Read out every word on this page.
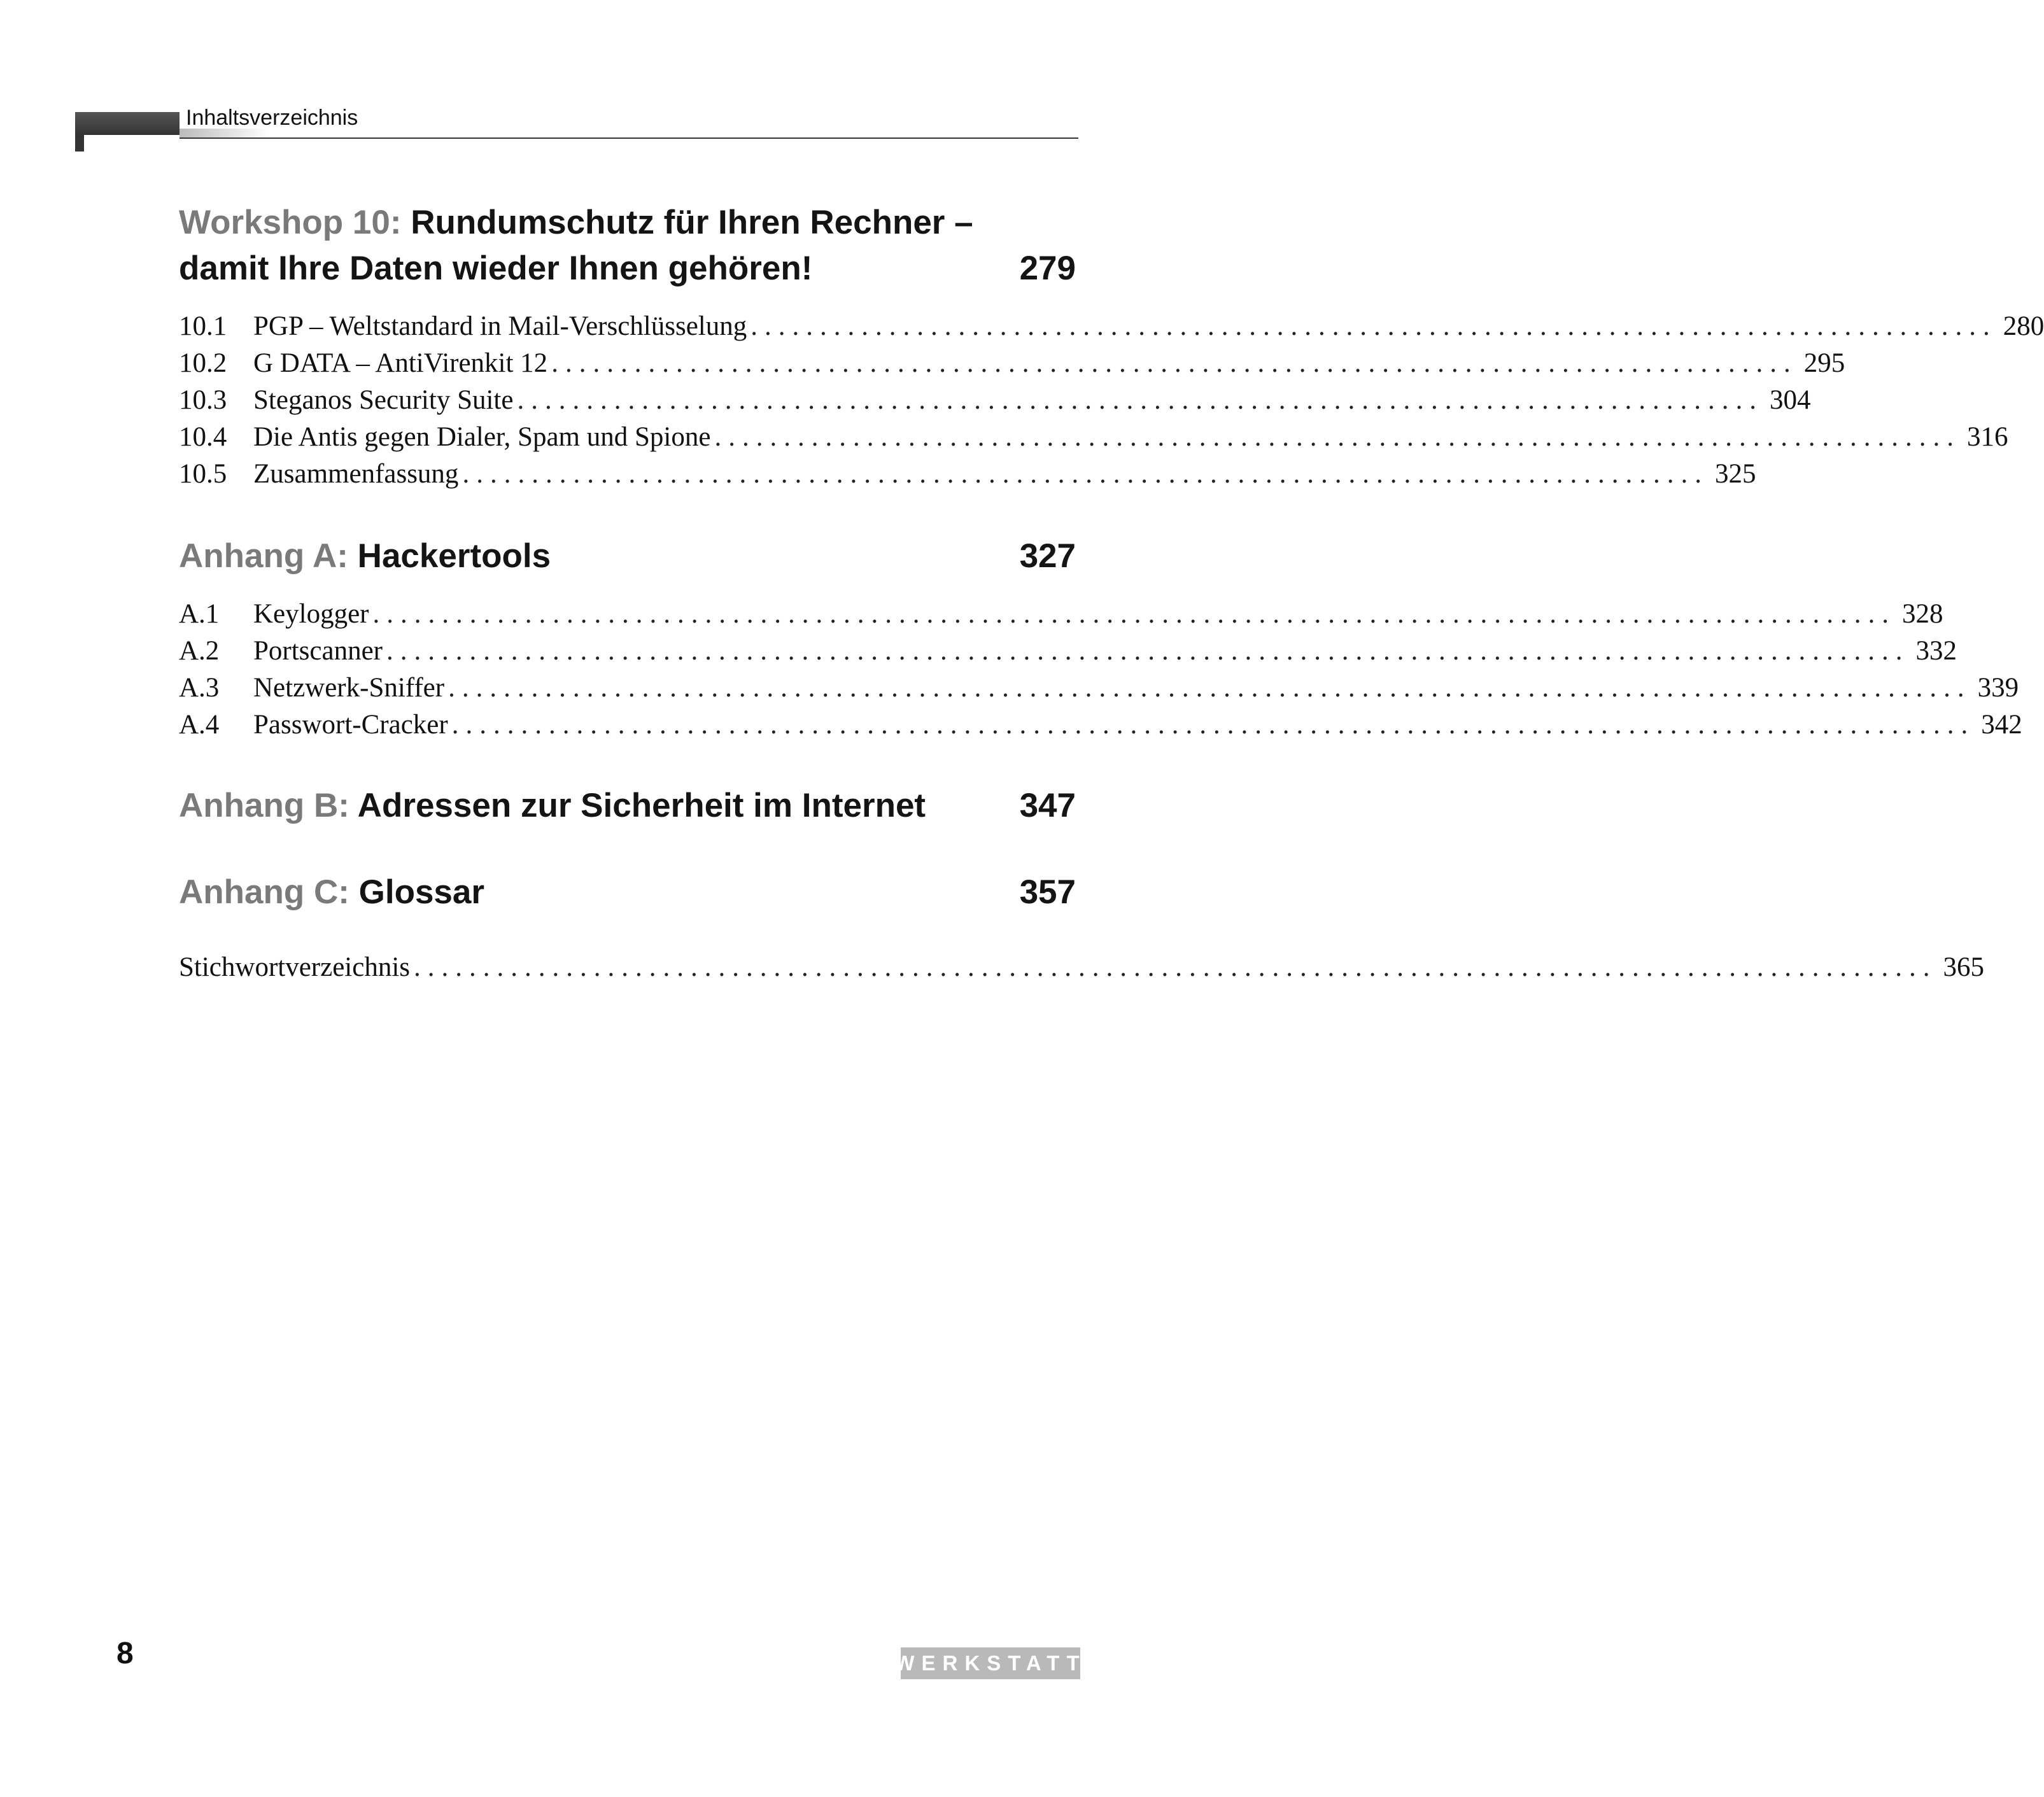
Inhaltsverzeichnis
Workshop 10: Rundumschutz für Ihren Rechner –
damit Ihre Daten wieder Ihnen gehören!	279
10.1 PGP – Weltstandard in Mail-Verschlüsselung .......................................................................................... 280
10.2 G DATA – AntiVirenkit 12 .......................................................................................... 295
10.3 Steganos Security Suite .......................................................................................... 304
10.4 Die Antis gegen Dialer, Spam und Spione .......................................................................................... 316
10.5 Zusammenfassung .......................................................................................... 325
Anhang A: Hackertools	327
A.1	Keylogger .............................................................................................................. 328
A.2	Portscanner .............................................................................................................. 332
A.3	Netzwerk-Sniffer .............................................................................................................. 339
A.4	Passwort-Cracker .............................................................................................................. 342
Anhang B: Adressen zur Sicherheit im Internet	347
Anhang C: Glossar	357
Stichwortverzeichnis .............................................................................................................. 365
8	WERKSTATT
